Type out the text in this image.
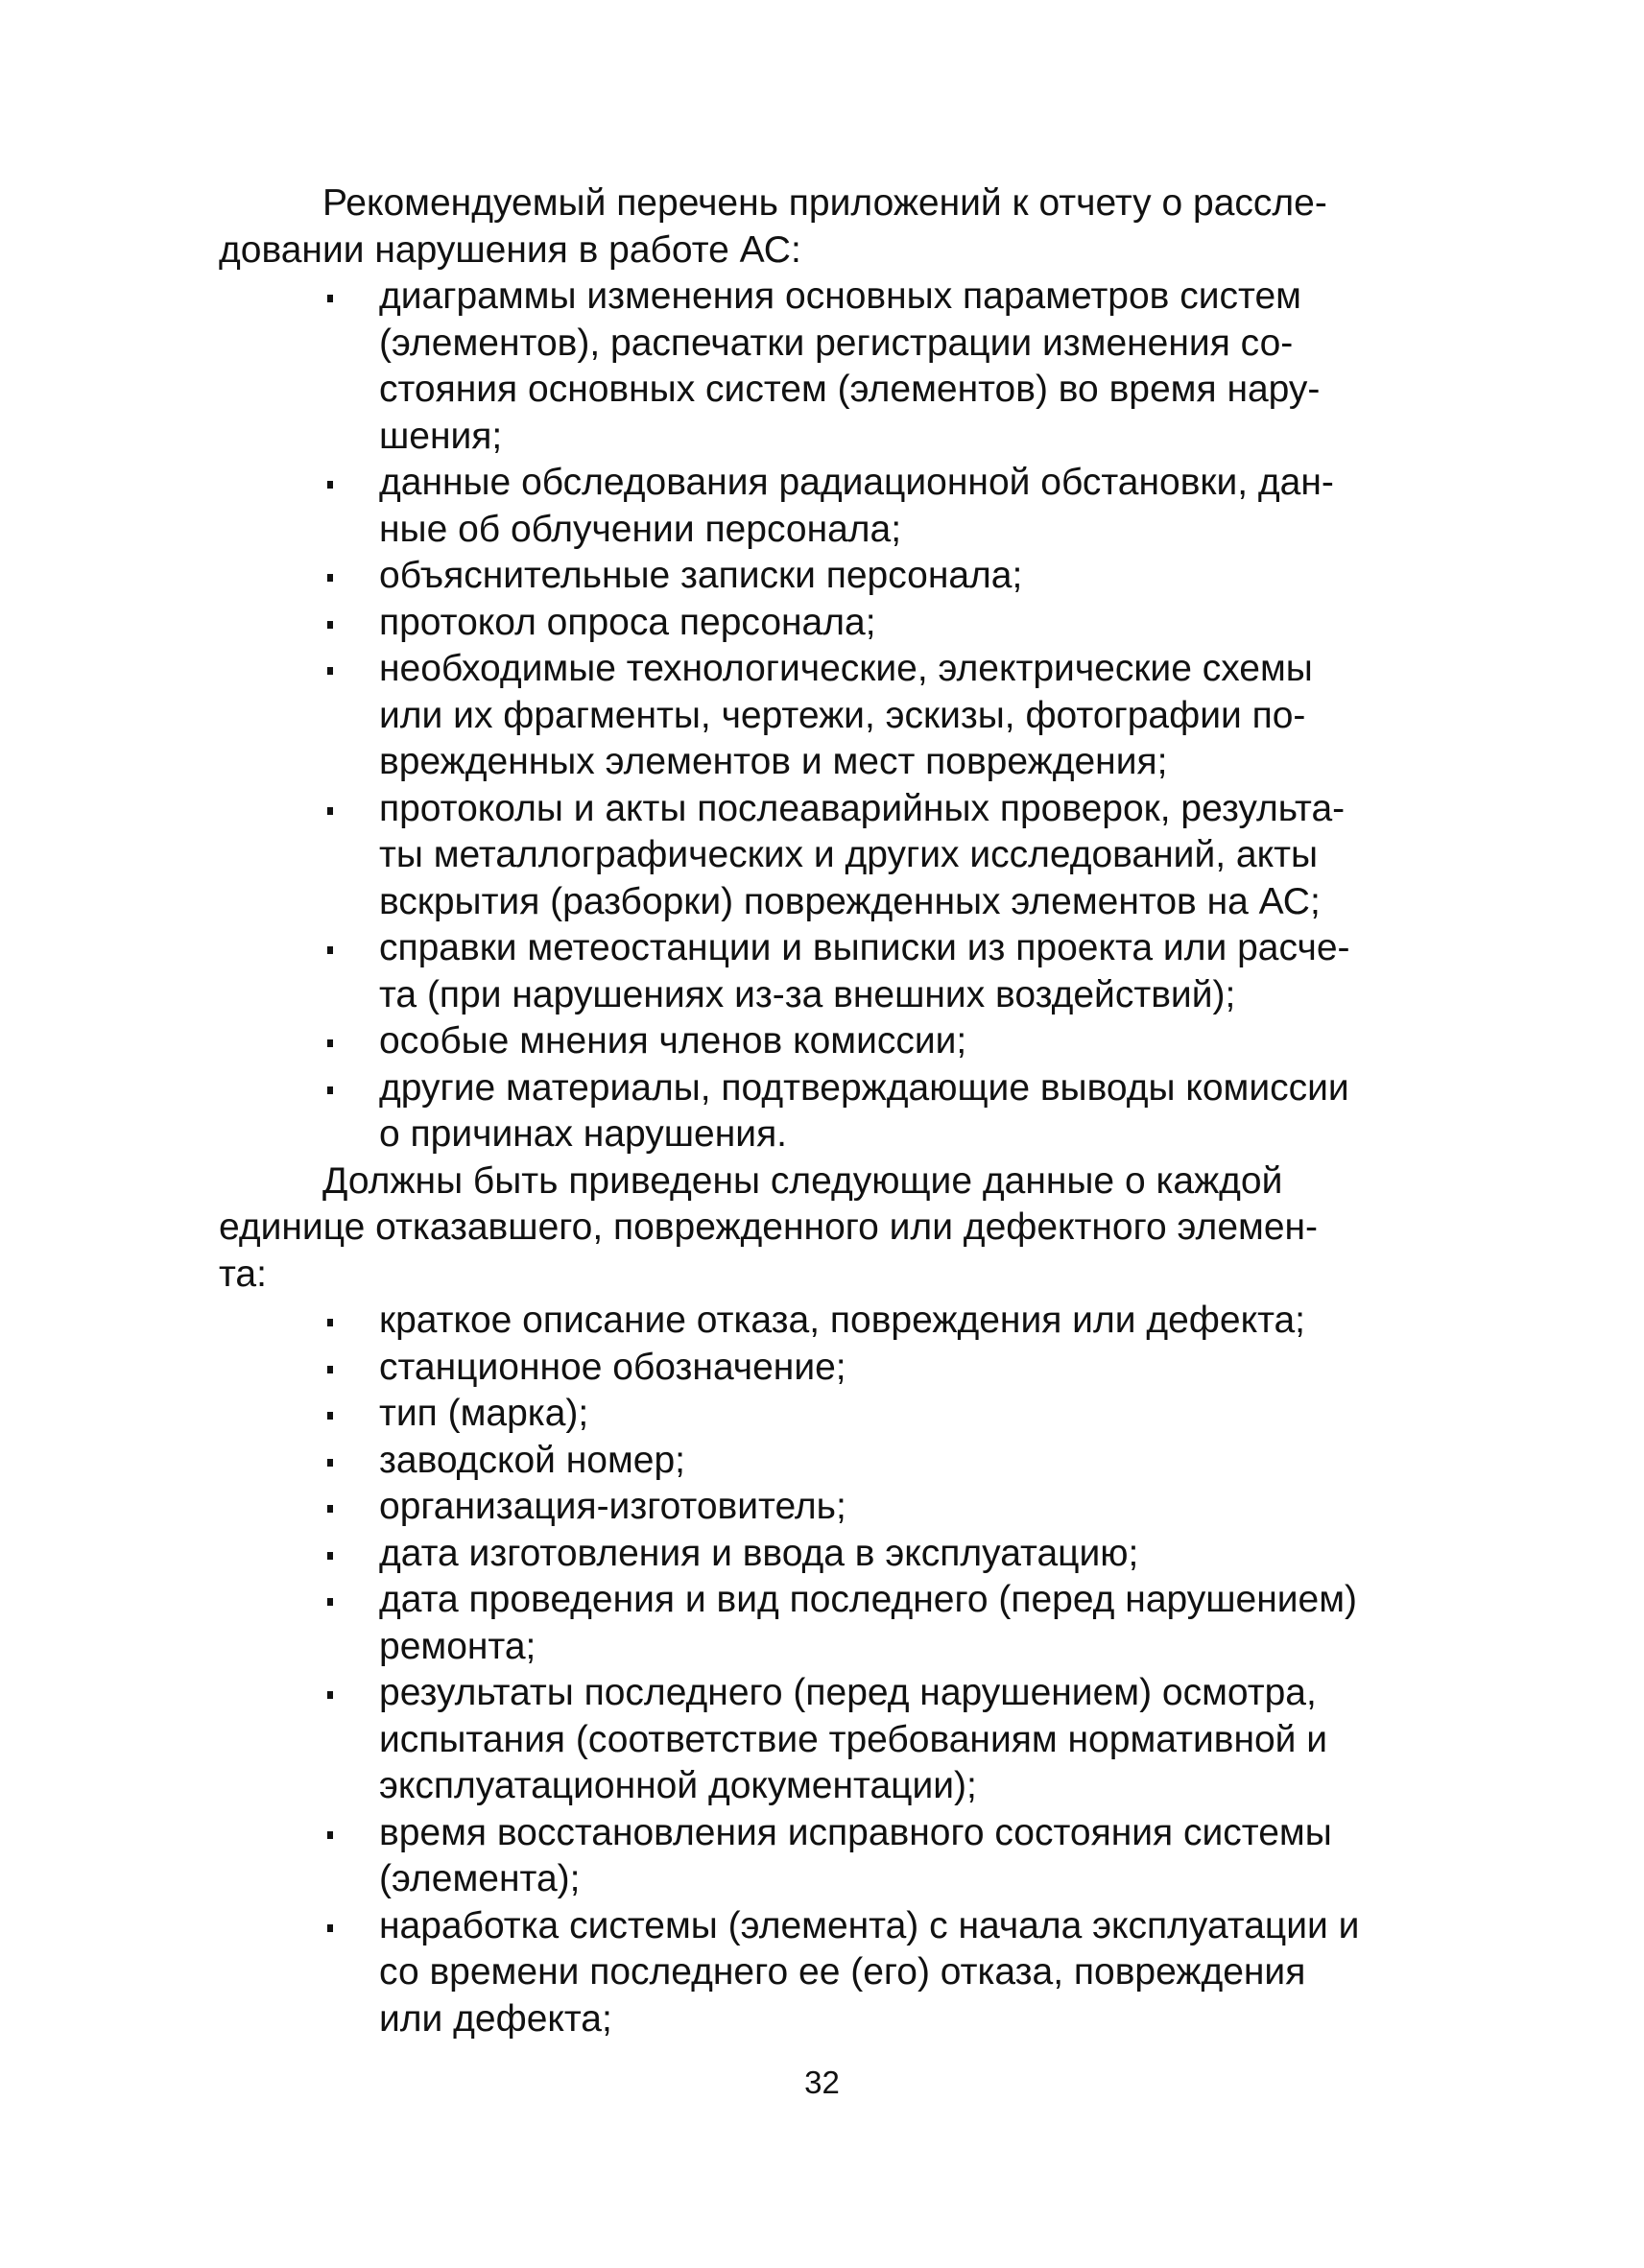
Рекомендуемый перечень приложений к отчету о рассле-
довании нарушения в работе АС:

диаграммы изменения основных параметров систем
(элементов), распечатки регистрации изменения со-
стояния основных систем (элементов) во время нару-
шения;
данные обследования радиационной обстановки, дан-
ные об облучении персонала;
объяснительные записки персонала;
протокол опроса персонала;
необходимые технологические, электрические схемы
или их фрагменты, чертежи, эскизы, фотографии по-
врежденных элементов и мест повреждения;
протоколы и акты послеаварийных проверок, результа-
ты металлографических и других исследований, акты
вскрытия (разборки) поврежденных элементов на АС;
справки метеостанции и выписки из проекта или расче-
та (при нарушениях из-за внешних воздействий);
особые мнения членов комиссии;
другие материалы, подтверждающие выводы комиссии
о причинах нарушения.

Должны быть приведены следующие данные о каждой
единице отказавшего, поврежденного или дефектного элемен-
та:

краткое описание отказа, повреждения или дефекта;
станционное обозначение;
тип (марка);
заводской номер;
организация-изготовитель;
дата изготовления и ввода в эксплуатацию;
дата проведения и вид последнего (перед нарушением)
ремонта;
результаты последнего (перед нарушением) осмотра,
испытания (соответствие требованиям нормативной и
эксплуатационной документации);
время восстановления исправного состояния системы
(элемента);
наработка системы (элемента) с начала эксплуатации и
со времени последнего ее (его) отказа, повреждения
или дефекта;
32
